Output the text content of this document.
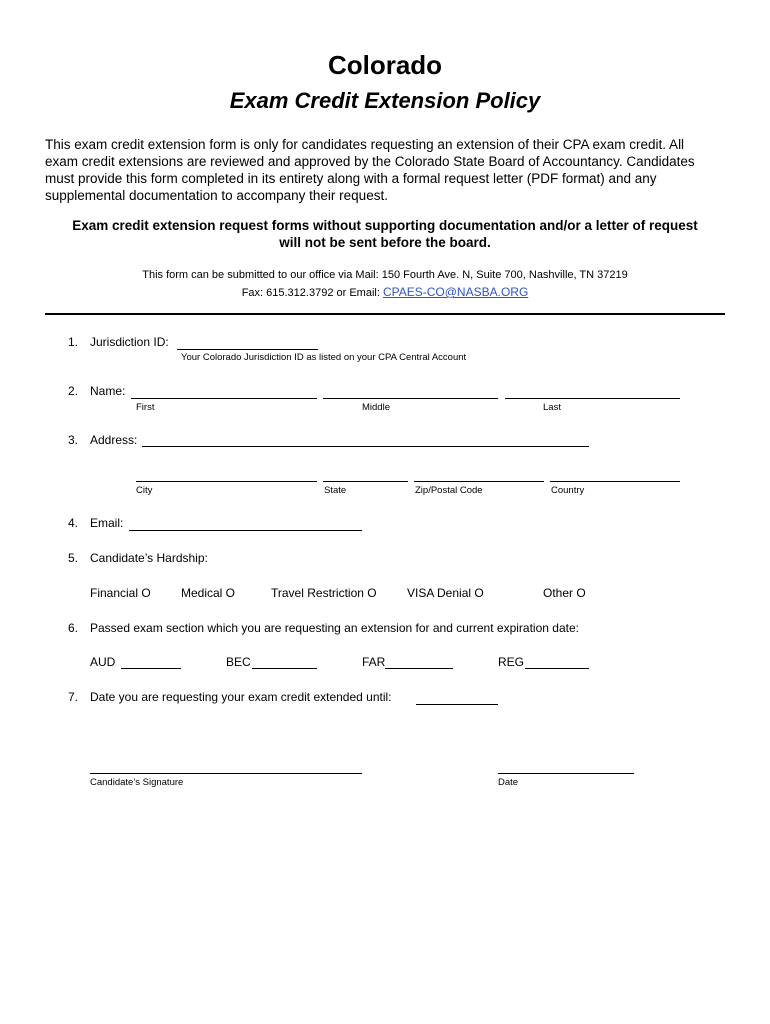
Colorado
Exam Credit Extension Policy
This exam credit extension form is only for candidates requesting an extension of their CPA exam credit. All
exam credit extensions are reviewed and approved by the Colorado State Board of Accountancy. Candidates
must provide this form completed in its entirety along with a formal request letter (PDF format) and any
supplemental documentation to accompany their request.
Exam credit extension request forms without supporting documentation and/or a letter of request
will not be sent before the board.
This form can be submitted to our office via Mail: 150 Fourth Ave. N, Suite 700, Nashville, TN 37219
Fax: 615.312.3792 or Email: CPAES-CO@NASBA.ORG
1. Jurisdiction ID:
Your Colorado Jurisdiction ID as listed on your CPA Central Account
2. Name:
First	Middle	Last
3. Address:
City	State	Zip/Postal Code	Country
4. Email:
5. Candidate’s Hardship:
Financial O	Medical O	Travel Restriction O	VISA Denial O	Other O
6. Passed exam section which you are requesting an extension for and current expiration date:
AUD	BEC	FAR	REG
7. Date you are requesting your exam credit extended until:
Candidate’s Signature	Date
